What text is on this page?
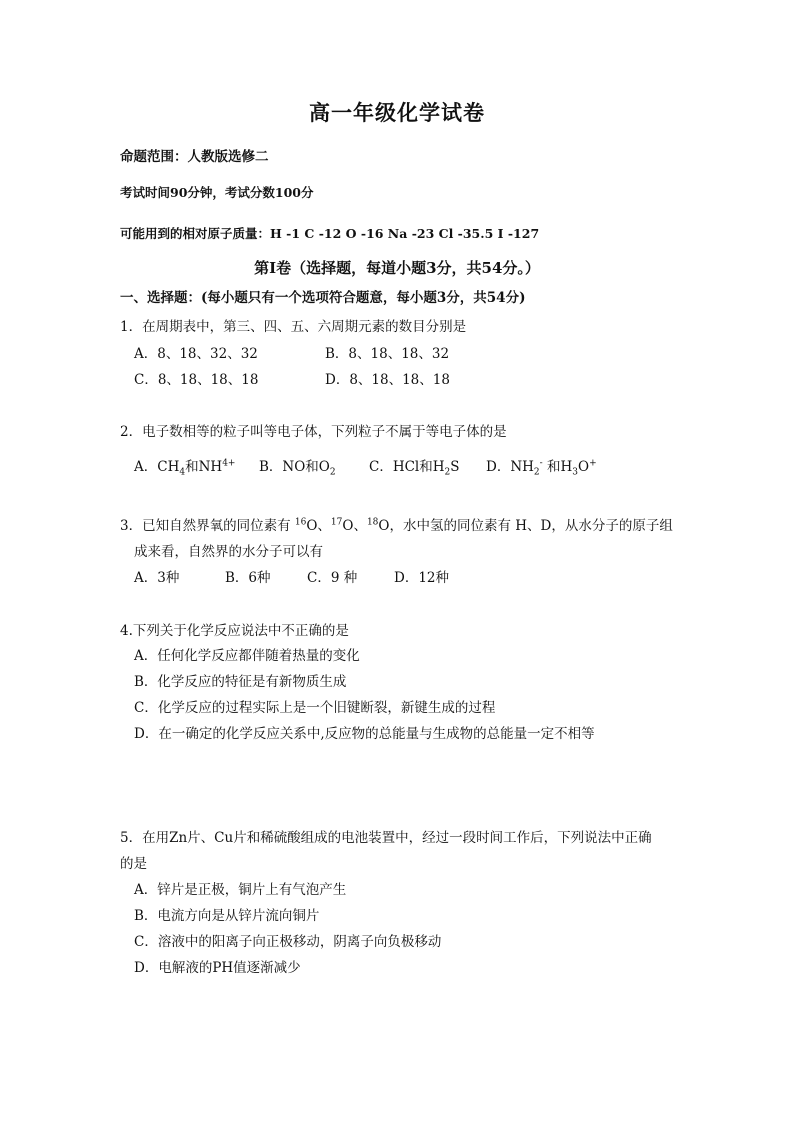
高一年级化学试卷
命题范围：人教版选修二
考试时间90分钟，考试分数100分
可能用到的相对原子质量：H -1 C -12 O -16 Na -23 Cl -35.5 I -127
第Ⅰ卷（选择题，每道小题3分，共54分。）
一、选择题：(每小题只有一个选项符合题意，每小题3分，共54分)
1．在周期表中，第三、四、五、六周期元素的数目分别是
A．8、18、32、32	B．8、18、18、32
C．8、18、18、18	D．8、18、18、18
2．电子数相等的粒子叫等电子体，下列粒子不属于等电子体的是
A．$CH_4$和$NH^{4+}$ B．NO和$O_2$ C．HCl和$H_2S$ D．$NH_2^-$ 和$H_3O^+$
3．已知自然界氧的同位素有 $^{16}$O、$^{17}$O、$^{18}$O，水中氢的同位素有 H、D，从水分子的原子组
成来看，自然界的水分子可以有
A．3种	B．6种	C．9 种	D．12种
4.下列关于化学反应说法中不正确的是
A．任何化学反应都伴随着热量的变化
B．化学反应的特征是有新物质生成
C．化学反应的过程实际上是一个旧键断裂，新键生成的过程
D．在一确定的化学反应关系中,反应物的总能量与生成物的总能量一定不相等
5．在用Zn片、Cu片和稀硫酸组成的电池装置中，经过一段时间工作后，下列说法中正确
的是
A．锌片是正极，铜片上有气泡产生
B．电流方向是从锌片流向铜片
C．溶液中的阳离子向正极移动，阴离子向负极移动
D．电解液的PH值逐渐减少
